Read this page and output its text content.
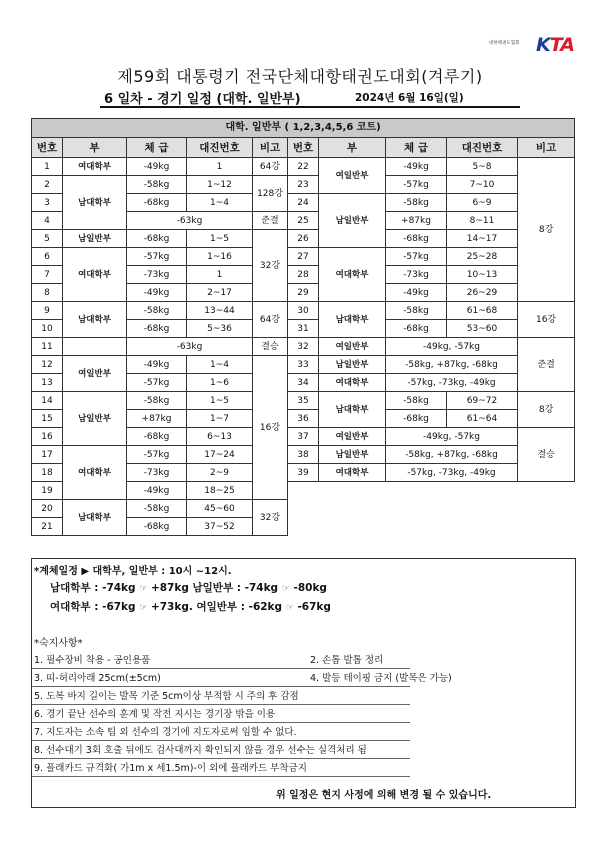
대한태권도협회 KTA
제59회 대통령기 전국단체대항태권도대회(겨루기)
6 일차 - 경기 일정 (대학. 일반부)	2024년 6월 16일(일)
대학. 일반부 ( 1,2,3,4,5,6 코트)									
번호	부	체 급	대진번호	비고	번호	부	체 급	대진번호	비고
1	여대학부	-49kg	1	64강	22	여일반부	-49kg	5~8	8강
2	남대학부	-58kg	1~12	128강	23		-57kg	7~10	
3		-68kg	1~4		24	남일반부	-58kg	6~9	
4		-63kg		준결	25		+87kg	8~11	
5	남일반부	-68kg	1~5	32강	26		-68kg	14~17	
6	여대학부	-57kg	1~16		27	여대학부	-57kg	25~28	
7		-73kg	1		28		-73kg	10~13	
8		-49kg	2~17		29		-49kg	26~29	
9	남대학부	-58kg	13~44	64강	30	남대학부	-58kg	61~68	16강
10		-68kg	5~36		31		-68kg	53~60	
11		-63kg		결승	32	여일반부	-49kg, -57kg		준결
12	여일반부	-49kg	1~4	16강	33	남일반부	-58kg, +87kg, -68kg		
13		-57kg	1~6		34	여대학부	-57kg, -73kg, -49kg		
14	남일반부	-58kg	1~5		35	남대학부	-58kg	69~72	8강
15		+87kg	1~7		36		-68kg	61~64	
16		-68kg	6~13		37	여일반부	-49kg, -57kg		결승
17	여대학부	-57kg	17~24		38	남일반부	-58kg, +87kg, -68kg		
18		-73kg	2~9		39	여대학부	-57kg, -73kg, -49kg		
19		-49kg	18~25						
20	남대학부	-58kg	45~60	32강					
21		-68kg	37~52						
*계체일정 ▶ 대학부, 일반부 : 10시 ~12시.
남대학부 : -74kg ☞ +87kg 남일반부 : -74kg ☞ -80kg
여대학부 : -67kg ☞ +73kg. 여일반부 : -62kg ☞ -67kg
*숙지사항*
1. 필수장비 착용 - 공인용품	2. 손톱 발톱 정리
3. 띠-허리아래 25cm(±5cm)	4. 발등 테이핑 금지 (발목은 가능)
5. 도복 바지 길이는 발목 기준 5cm이상 부적합 시 주의 후 감점
6. 경기 끝난 선수의 훈계 및 작전 지시는 경기장 밖을 이용
7. 지도자는 소속 팀 외 선수의 경기에 지도자로써 임할 수 없다.
8. 선수대기 3회 호출 뒤에도 검사대까지 확인되지 않을 경우 선수는 실격처리 됨
9. 플래카드 규격화( 가1m x 세1.5m)-이 외에 플래카드 부착금지
위 일정은 현지 사정에 의해 변경 될 수 있습니다.
